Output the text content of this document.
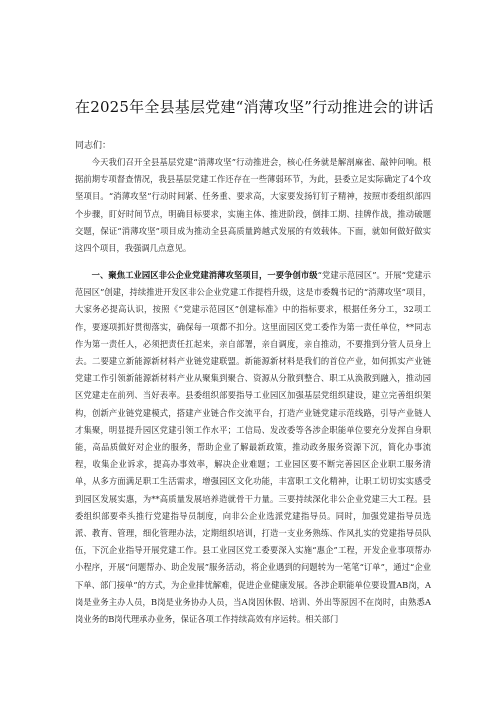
在2025年全县基层党建“消薄攻坚”行动推进会的讲话
同志们：

今天我们召开全县基层党建“消薄攻坚”行动推进会，核心任务就是解剖麻雀、敲钟问响。根据前期专项督查情况，我县基层党建工作还存在一些薄弱环节，为此，县委立足实际确定了4个攻坚项目。“消薄攻坚”行动时间紧、任务重、要求高，大家要发扬钉钉子精神，按照市委组织部四个步骤，盯好时间节点，明确目标要求，实施主体、推进阶段，倒排工期、挂牌作战，推动破题交题，保证“消薄攻坚”项目成为推动全县高质量跨越式发展的有效载体。下面，就如何做好做实这四个项目，我强调几点意见。

一、聚焦工业园区非公企业党建消薄攻坚项目，一要争创市级“党建示范园区”。开展“党建示范园区”创建，持续推进开发区非公企业党建工作提档升级，这是市委魏书记的“消薄攻坚”项目，大家务必提高认识，按照《“党建示范园区”创建标准》中的指标要求，根据任务分工，32项工作，要逐项抓好贯彻落实，确保每一项都不扣分。这里面园区党工委作为第一责任单位，**同志作为第一责任人，必须把责任扛起来，亲自部署，亲自调度，亲自推动，不要推到分管人员身上去。二要建立新能源新材料产业链党建联盟。新能源新材料是我们的首位产业，如何抓实产业链党建工作引领新能源新材料产业从聚集到聚合、资源从分散到整合、职工从涣散到融入，推动园区党建走在前列、当好表率。县委组织部要指导工业园区加强基层党组织建设，建立完善组织架构，创新产业链党建模式，搭建产业链合作交流平台，打造产业链党建示范线路，引导产业链人才集聚，明显提升园区党建引领工作水平；工信局、发改委等各涉企职能单位要充分发挥自身职能，高品质做好对企业的服务，帮助企业了解最新政策，推动政务服务资源下沉，简化办事流程，收集企业诉求，提高办事效率，解决企业难题；工业园区要不断完善园区企业职工服务清单，从多方面满足职工生活需求，增强园区文化功能，丰富职工文化精神，让职工切切实实感受到园区发展实惠，为**高质量发展培养造就骨干力量。三要持续深化非公企业党建三大工程。县委组织部要牵头推行党建指导员制度，向非公企业选派党建指导员。同时，加强党建指导员选派、教育、管理，细化管理办法，定期组织培训，打造一支业务熟练、作风扎实的党建指导员队伍，下沉企业指导开展党建工作。县工业园区党工委要深入实施“惠企”工程，开发企业事项帮办小程序，开展“问题帮办、助企发展”服务活动，将企业遇到的问题转为一笔笔“订单”，通过“企业下单、部门接单”的方式，为企业排忧解难，促进企业健康发展。各涉企职能单位要设置AB岗，A岗是业务主办人员，B岗是业务协办人员，当A岗因休假、培训、外出等原因不在岗时，由熟悉A岗业务的B岗代理承办业务，保证各项工作持续高效有序运转。相关部门
